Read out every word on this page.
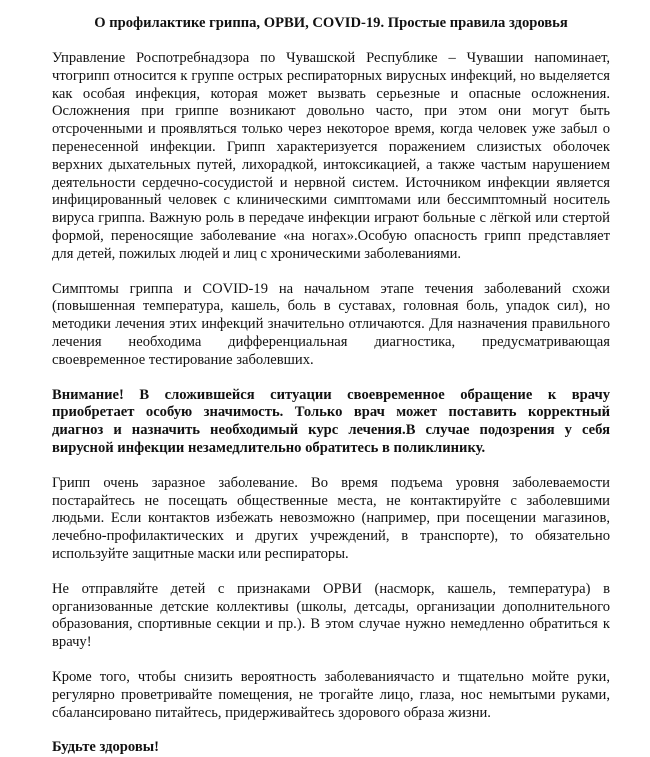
О профилактике гриппа, ОРВИ, COVID-19. Простые правила здоровья

Управление Роспотребнадзора по Чувашской Республике – Чувашии напоминает, чтогрипп относится к группе острых респираторных вирусных инфекций, но выделяется как особая инфекция, которая может вызвать серьезные и опасные осложнения. Осложнения при гриппе возникают довольно часто, при этом они могут быть отсроченными и проявляться только через некоторое время, когда человек уже забыл о перенесенной инфекции. Грипп характеризуется поражением слизистых оболочек верхних дыхательных путей, лихорадкой, интоксикацией, а также частым нарушением деятельности сердечно-сосудистой и нервной систем. Источником инфекции является инфицированный человек с клиническими симптомами или бессимптомный носитель вируса гриппа. Важную роль в передаче инфекции играют больные с лёгкой или стертой формой, переносящие заболевание «на ногах».Особую опасность грипп представляет для детей, пожилых людей и лиц с хроническими заболеваниями.

Симптомы гриппа и COVID-19 на начальном этапе течения заболеваний схожи (повышенная температура, кашель, боль в суставах, головная боль, упадок сил), но методики лечения этих инфекций значительно отличаются. Для назначения правильного лечения необходима дифференциальная диагностика, предусматривающая своевременное тестирование заболевших.

Внимание! В сложившейся ситуации своевременное обращение к врачу приобретает особую значимость. Только врач может поставить корректный диагноз и назначить необходимый курс лечения.В случае подозрения у себя вирусной инфекции незамедлительно обратитесь в поликлинику.

Грипп очень заразное заболевание. Во время подъема уровня заболеваемости постарайтесь не посещать общественные места, не контактируйте с заболевшими людьми. Если контактов избежать невозможно (например, при посещении магазинов, лечебно-профилактических и других учреждений, в транспорте), то обязательно используйте защитные маски или респираторы.

Не отправляйте детей с признаками ОРВИ (насморк, кашель, температура) в организованные детские коллективы (школы, детсады, организации дополнительного образования, спортивные секции и пр.). В этом случае нужно немедленно обратиться к врачу!

Кроме того, чтобы снизить вероятность заболеваниячасто и тщательно мойте руки, регулярно проветривайте помещения, не трогайте лицо, глаза, нос немытыми руками, сбалансировано питайтесь, придерживайтесь здорового образа жизни.

Будьте здоровы!
